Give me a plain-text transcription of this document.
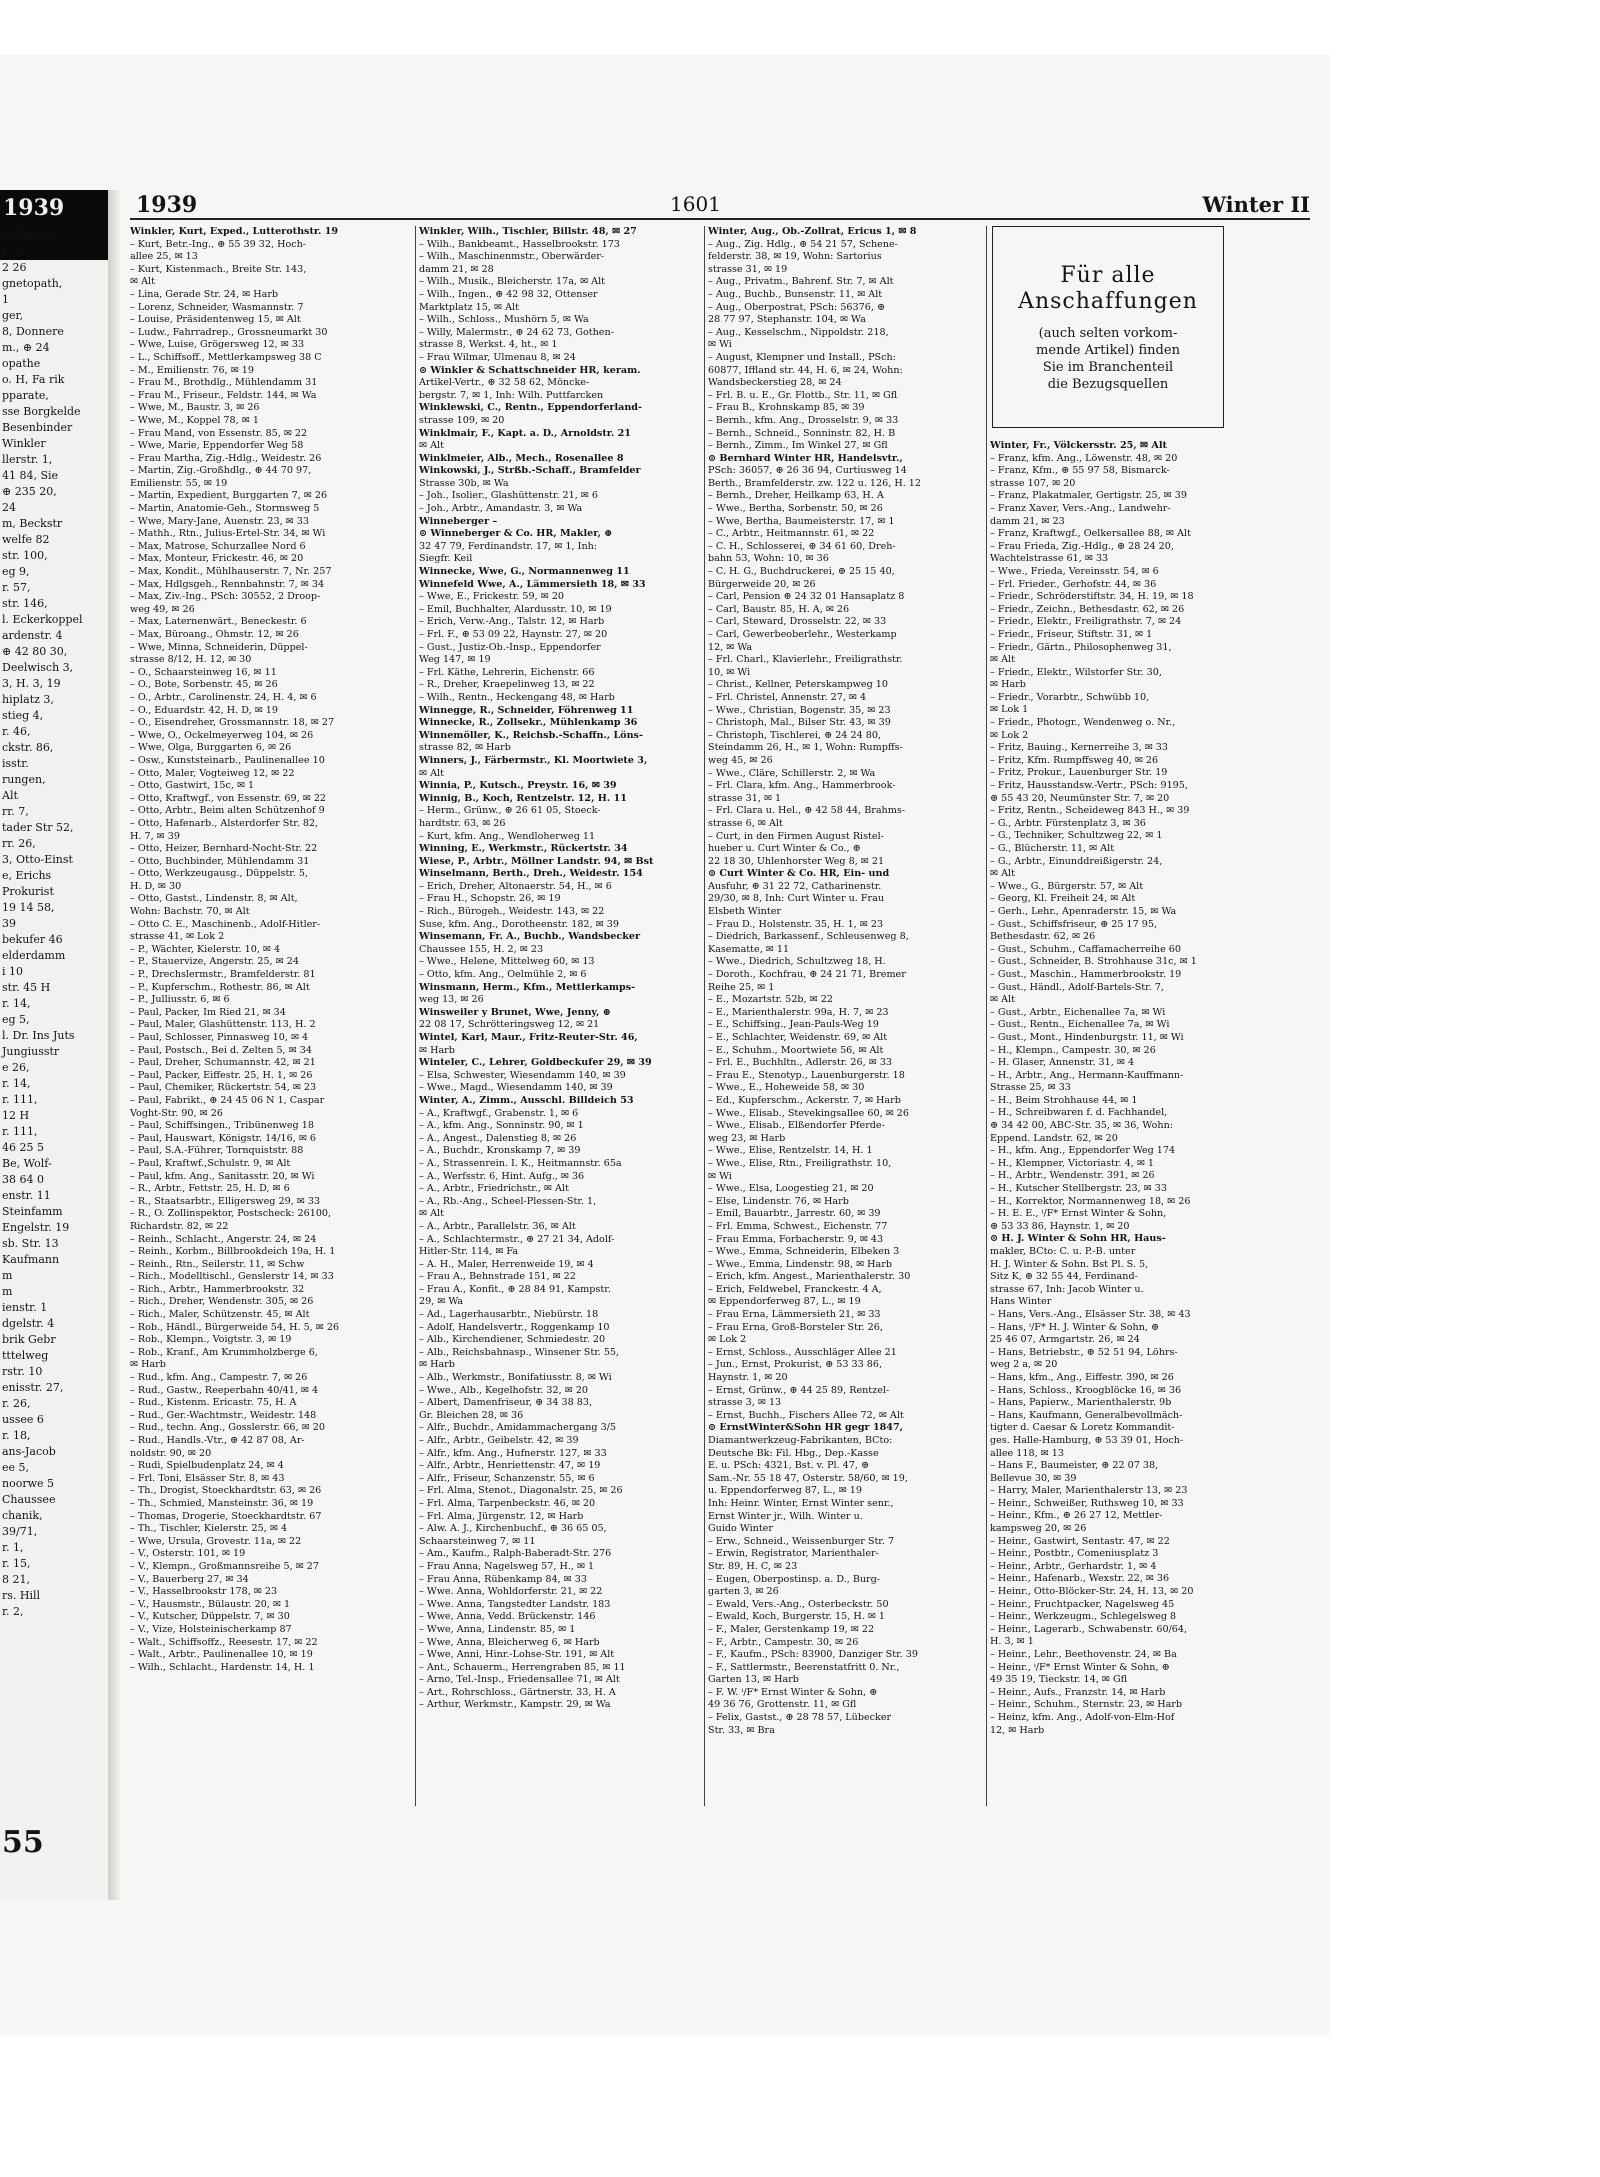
1939
etaliarbtn.
r. 5c,
2 26
gnetopath,
1
ger,
8, Donnere
m., ⊕ 24
opathe
o. H, Fa rik
pparate,
sse Borgkelde
Besenbinder
Winkler
llerstr. 1,
41 84, Sie
⊕ 235 20,
24
m, Beckstr
welfe 82
str. 100,
eg 9,
r. 57,
str. 146,
l. Eckerkoppel
ardenstr. 4
⊕ 42 80 30,
Deelwisch 3,
3, H. 3, 19
hiplatz 3,
stieg 4,
r. 46,
ckstr. 86,
isstr.
rungen,
Alt
rr. 7,
tader Str 52,
rr. 26,
3, Otto-Einst
e, Erichs
Prokurist
19 14 58,
39
bekufer 46
elderdamm
i 10
str. 45 H
r. 14,
eg 5,
l. Dr. Ins Juts
Jungiusstr
e 26,
r. 14,
r. 111,
12 H
r. 111,
46 25 5
Be, Wolf-
38 64 0
enstr. 11
Steinfamm
Engelstr. 19
sb. Str. 13
Kaufmann
m
m
ienstr. 1
dgelstr. 4
brik Gebr
tttelweg
rstr. 10
enisstr. 27,
r. 26,
ussee 6
r. 18,
ans-Jacob
ee 5,
noorwe 5
Chaussee
chanik,
39/71,
r. 1,
r. 15,
8 21,
rs. Hill
r. 2,
55
1939	1601	Winter II
Winkler, Kurt, Exped., Lutterothstr. 19
– Kurt, Betr.-Ing., ⊕ 55 39 32, Hoch-
allee 25, ✉ 13
– Kurt, Kistenmach., Breite Str. 143,
✉ Alt
– Lina, Gerade Str. 24, ✉ Harb
– Lorenz, Schneider, Wasmannstr. 7
– Louise, Präsidentenweg 15, ✉ Alt
– Ludw., Fahrradrep., Grossneumarkt 30
– Wwe, Luise, Grögersweg 12, ✉ 33
– L., Schiffsoff., Mettlerkampsweg 38 C
– M., Emilienstr. 76, ✉ 19
– Frau M., Brothdlg., Mühlendamm 31
– Frau M., Friseur., Feldstr. 144, ✉ Wa
– Wwe, M., Baustr. 3, ✉ 26
– Wwe, M., Koppel 78, ✉ 1
– Frau Mand, von Essenstr. 85, ✉ 22
– Wwe, Marie, Eppendorfer Weg 58
– Frau Martha, Zig.-Hdlg., Weidestr. 26
– Martin, Zig.-Großhdlg., ⊕ 44 70 97,
Emilienstr. 55, ✉ 19
– Martin, Expedient, Burggarten 7, ✉ 26
– Martin, Anatomie-Geh., Stormsweg 5
– Wwe, Mary-Jane, Auenstr. 23, ✉ 33
– Mathh., Rtn., Julius-Ertel-Str. 34, ✉ Wi
– Max, Matrose, Schurzallee Nord 6
– Max, Monteur, Frickestr. 46, ✉ 20
– Max, Kondit., Mühlhauserstr. 7, Nr. 257
– Max, Hdlgsgeh., Rennbahnstr. 7, ✉ 34
– Max, Ziv.-Ing., PSch: 30552, 2 Droop-
weg 49, ✉ 26
– Max, Laternenwärt., Beneckestr. 6
– Max, Büroang., Ohmstr. 12, ✉ 26
– Wwe, Minna, Schneiderin, Düppel-
strasse 8/12, H. 12, ✉ 30
– O., Schaarsteinweg 16, ✉ 11
– O., Bote, Sorbenstr. 45, ✉ 26
– O., Arbtr., Carolinenstr. 24, H. 4, ✉ 6
– O., Eduardstr. 42, H. D, ✉ 19
– O., Eisendreher, Grossmannstr. 18, ✉ 27
– Wwe, O., Ockelmeyerweg 104, ✉ 26
– Wwe, Olga, Burggarten 6, ✉ 26
– Osw., Kunststeinarb., Paulinenallee 10
– Otto, Maler, Vogteiweg 12, ✉ 22
– Otto, Gastwirt, 15c, ✉ 1
– Otto, Kraftwgf., von Essenstr. 69, ✉ 22
– Otto, Arbtr., Beim alten Schützenhof 9
– Otto, Hafenarb., Alsterdorfer Str. 82,
H. 7, ✉ 39
– Otto, Heizer, Bernhard-Nocht-Str. 22
– Otto, Buchbinder, Mühlendamm 31
– Otto, Werkzeugausg., Düppelstr. 5,
H. D, ✉ 30
– Otto, Gastst., Lindenstr. 8, ✉ Alt,
Wohn: Bachstr. 70, ✉ Alt
– Otto C. E., Maschinenb., Adolf-Hitler-
strasse 41, ✉ Lok 2
– P., Wächter, Kielerstr. 10, ✉ 4
– P., Stauervize, Angerstr. 25, ✉ 24
– P., Drechslermstr., Bramfelderstr. 81
– P., Kupferschm., Rothestr. 86, ✉ Alt
– P., Julliusstr. 6, ✉ 6
– Paul, Packer, Im Ried 21, ✉ 34
– Paul, Maler, Glashüttenstr. 113, H. 2
– Paul, Schlosser, Pinnasweg 10, ✉ 4
– Paul, Postsch., Bei d. Zelten 5, ✉ 34
– Paul, Dreher, Schumannstr. 42, ✉ 21
– Paul, Packer, Eiffestr. 25, H. 1, ✉ 26
– Paul, Chemiker, Rückertstr. 54, ✉ 23
– Paul, Fabrikt., ⊕ 24 45 06 N 1, Caspar
Voght-Str. 90, ✉ 26
– Paul, Schiffsingen., Tribünenweg 18
– Paul, Hauswart, Königstr. 14/16, ✉ 6
– Paul, S.A.-Führer, Tornquiststr. 88
– Paul, Kraftwf.,Schulstr. 9, ✉ Alt
– Paul, kfm. Ang., Sanitasstr. 20, ✉ Wi
– R., Arbtr., Fettstr. 25, H. D, ✉ 6
– R., Staatsarbtr., Elligersweg 29, ✉ 33
– R., O. Zollinspektor, Postscheck: 26100,
Richardstr. 82, ✉ 22
– Reinh., Schlacht., Angerstr. 24, ✉ 24
– Reinh., Korbm., Billbrookdeich 19a, H. 1
– Reinh., Rtn., Seilerstr. 11, ✉ Schw
– Rich., Modelltischl., Genslerstr 14, ✉ 33
– Rich., Arbtr., Hammerbrookstr. 32
– Rich., Dreher, Wendenstr. 305, ✉ 26
– Rich., Maler, Schützenstr. 45, ✉ Alt
– Rob., Händl., Bürgerweide 54, H. 5, ✉ 26
– Rob., Klempn., Voigtstr. 3, ✉ 19
– Rob., Kranf., Am Krummholzberge 6,
✉ Harb
– Rud., kfm. Ang., Campestr. 7, ✉ 26
– Rud., Gastw., Reeperbahn 40/41, ✉ 4
– Rud., Kistenm. Ericastr. 75, H. A
– Rud., Ger.-Wachtmstr., Weidestr. 148
– Rud., techn. Ang., Gosslerstr. 66, ✉ 20
– Rud., Handls.-Vtr., ⊕ 42 87 08, Ar-
noldstr. 90, ✉ 20
– Rudi, Spielbudenplatz 24, ✉ 4
– Frl. Toni, Elsässer Str. 8, ✉ 43
– Th., Drogist, Stoeckhardtstr. 63, ✉ 26
– Th., Schmied, Mansteinstr. 36, ✉ 19
– Thomas, Drogerie, Stoeckhardtstr. 67
– Th., Tischler, Kielerstr. 25, ✉ 4
– Wwe, Ursula, Grovestr. 11a, ✉ 22
– V., Osterstr. 101, ✉ 19
– V., Klempn., Großmannsreihe 5, ✉ 27
– V., Bauerberg 27, ✉ 34
– V., Hasselbrookstr 178, ✉ 23
– V., Hausmstr., Bülaustr. 20, ✉ 1
– V., Kutscher, Düppelstr. 7, ✉ 30
– V., Vize, Holsteinischerkamp 87
– Walt., Schiffsoffz., Reesestr. 17, ✉ 22
– Walt., Arbtr., Paulinenallee 10, ✉ 19
– Wilh., Schlacht., Hardenstr. 14, H. 1
Winkler, Wilh., Tischler, Billstr. 48, ✉ 27
– Wilh., Bankbeamt., Hasselbrookstr. 173
– Wilh., Maschinenmstr., Oberwärder-
damm 21, ✉ 28
– Wilh., Musik., Bleicherstr. 17a, ✉ Alt
– Wilh., Ingen., ⊕ 42 98 32, Ottenser
Marktplatz 15, ✉ Alt
– Wilh., Schloss., Mushörn 5, ✉ Wa
– Willy, Malermstr., ⊕ 24 62 73, Gothen-
strasse 8, Werkst. 4, ht., ✉ 1
– Frau Wilmar, Ulmenau 8, ✉ 24
⊙ Winkler & Schattschneider HR, keram.
Artikel-Vertr., ⊕ 32 58 62, Mönckе-
bergstr. 7, ✉ 1, Inh: Wilh. Puttfarcken
Winklewski, C., Rentn., Eppendorferland-
strasse 109, ✉ 20
Winklmair, F., Kapt. a. D., Arnoldstr. 21
✉ Alt
Winklmeier, Alb., Mech., Rosenallee 8
Winkowski, J., Strßb.-Schaff., Bramfelder
Strasse 30b, ✉ Wa
– Joh., Isolier., Glashüttenstr. 21, ✉ 6
– Joh., Arbtr., Amandastr. 3, ✉ Wa
Winneberger –
⊙ Winneberger & Co. HR, Makler, ⊕
32 47 79, Ferdinandstr. 17, ✉ 1, Inh:
Siegfr. Keil
Winnecke, Wwe, G., Normannenweg 11
Winnefeld Wwe, A., Lämmersieth 18, ✉ 33
– Wwe, E., Frickestr. 59, ✉ 20
– Emil, Buchhalter, Alardusstr. 10, ✉ 19
– Erich, Verw.-Ang., Talstr. 12, ✉ Harb
– Frl. F., ⊕ 53 09 22, Haynstr. 27, ✉ 20
– Gust., Justiz-Ob.-Insp., Eppendorfer
Weg 147, ✉ 19
– Frl. Käthe, Lehrerin, Eichenstr. 66
– R., Dreher, Kraepelinweg 13, ✉ 22
– Wilh., Rentn., Heckengang 48, ✉ Harb
Winnegge, R., Schneider, Föhrenweg 11
Winnecke, R., Zollsekr., Mühlenkamp 36
Winnemöller, K., Reichsb.-Schaffn., Löns-
strasse 82, ✉ Harb
Winners, J., Färbermstr., Kl. Moortwiete 3,
✉ Alt
Winnia, P., Kutsch., Preystr. 16, ✉ 39
Winnig, B., Koch, Rentzelstr. 12, H. 11
– Herm., Grünw., ⊕ 26 61 05, Stoeck-
hardtstr. 63, ✉ 26
– Kurt, kfm. Ang., Wendloherweg 11
Winning, E., Werkmstr., Rückertstr. 34
Wiese, P., Arbtr., Möllner Landstr. 94, ✉ Bst
Winselmann, Berth., Dreh., Weidestr. 154
– Erich, Dreher, Altonaerstr. 54, H., ✉ 6
– Frau H., Schopstr. 26, ✉ 19
– Rich., Bürogeh., Weidestr. 143, ✉ 22
Suse, kfm. Ang., Dorotheenstr. 182, ✉ 39
Winsemann, Fr. A., Buchb., Wandsbecker
Chaussee 155, H. 2, ✉ 23
– Wwe., Helene, Mittelweg 60, ✉ 13
– Otto, kfm. Ang., Oelmühle 2, ✉ 6
Winsmann, Herm., Kfm., Mettlerkamps-
weg 13, ✉ 26
Winsweiler y Brunet, Wwe, Jenny, ⊕
22 08 17, Schrötteringsweg 12, ✉ 21
Wintel, Karl, Maur., Fritz-Reuter-Str. 46,
✉ Harb
Winteler, C., Lehrer, Goldbeckufer 29, ✉ 39
– Elsa, Schwester, Wiesendamm 140, ✉ 39
– Wwe., Magd., Wiesendamm 140, ✉ 39
Winter, A., Zimm., Ausschl. Billdeich 53
– A., Kraftwgf., Grabenstr. 1, ✉ 6
– A., kfm. Ang., Sonninstr. 90, ✉ 1
– A., Angest., Dalenstieg 8, ✉ 26
– A., Buchdr., Kronskamp 7, ✉ 39
– A., Strassenrein. I. K., Heitmannstr. 65a
– A., Werfsstr. 6, Hint. Aufg., ✉ 36
– A., Arbtr., Friedrichstr., ✉ Alt
– A., Rb.-Ang., Scheel-Plessen-Str. 1,
✉ Alt
– A., Arbtr., Parallelstr. 36, ✉ Alt
– A., Schlachtermstr., ⊕ 27 21 34, Adolf-
Hitler-Str. 114, ✉ Fa
– A. H., Maler, Herrenweide 19, ✉ 4
– Frau A., Behnstrade 151, ✉ 22
– Frau A., Konfit., ⊕ 28 84 91, Kampstr.
29, ✉ Wa
– Ad., Lagerhausarbtr., Niebürstr. 18
– Adolf, Handelsvertr., Roggenkamp 10
– Alb., Kirchendiener, Schmiedestr. 20
– Alb., Reichsbahnasp., Winsener Str. 55,
✉ Harb
– Alb., Werkmstr., Bonifatiusstr. 8, ✉ Wi
– Wwe., Alb., Kegelhofstr. 32, ✉ 20
– Albert, Damenfriseur, ⊕ 34 38 83,
Gr. Bleichen 28, ✉ 36
– Alfr., Buchdr., Amidammachergang 3/5
– Alfr., Arbtr., Geibelstr. 42, ✉ 39
– Alfr., kfm. Ang., Hufnerstr. 127, ✉ 33
– Alfr., Arbtr., Henriettenstr. 47, ✉ 19
– Alfr., Friseur, Schanzenstr. 55, ✉ 6
– Frl. Alma, Stenot., Diagonalstr. 25, ✉ 26
– Frl. Alma, Tarpenbeckstr. 46, ✉ 20
– Frl. Alma, Jürgenstr. 12, ✉ Harb
– Alw. A. J., Kirchenbuchf., ⊕ 36 65 05,
Schaarsteinweg 7, ✉ 11
– Am., Kaufm., Ralph-Baberadt-Str. 276
– Frau Anna, Nagelsweg 57, H., ✉ 1
– Frau Anna, Rübenkamp 84, ✉ 33
– Wwe. Anna, Wohldorferstr. 21, ✉ 22
– Wwe. Anna, Tangstedter Landstr. 183
– Wwe, Anna, Vedd. Brückenstr. 146
– Wwe, Anna, Lindenstr. 85, ✉ 1
– Wwe, Anna, Bleicherweg 6, ✉ Harb
– Wwe, Anni, Hinr.-Lohse-Str. 191, ✉ Alt
– Ant., Schauerm., Herrengraben 85, ✉ 11
– Arno, Tel.-Insp., Friedensallee 71, ✉ Alt
– Art., Rohrschloss., Gärtnerstr. 33, H. A
– Arthur, Werkmstr., Kampstr. 29, ✉ Wa
Winter, Aug., Ob.-Zollrat, Ericus 1, ✉ 8
– Aug., Zig. Hdlg., ⊕ 54 21 57, Schene-
felderstr. 38, ✉ 19, Wohn: Sartorius
strasse 31, ✉ 19
– Aug., Privatm., Bahrenf. Str. 7, ✉ Alt
– Aug., Buchb., Bunsenstr. 11, ✉ Alt
– Aug., Oberpostrat, PSch: 56376, ⊕
28 77 97, Stephanstr. 104, ✉ Wa
– Aug., Kesselschm., Nippoldstr. 218,
✉ Wi
– August, Klempner und Install., PSch:
60877, Iffland str. 44, H. 6, ✉ 24, Wohn:
Wandsbeckerstieg 28, ✉ 24
– Frl. B. u. E., Gr. Flottb., Str. 11, ✉ Gfl
– Frau B., Krohnskamp 85, ✉ 39
– Bernh., kfm. Ang., Drosselstr. 9, ✉ 33
– Bernh., Schneid., Sonninstr. 82, H. B
– Bernh., Zimm., Im Winkel 27, ✉ Gfl
⊙ Bernhard Winter HR, Handelsvtr.,
PSch: 36057, ⊕ 26 36 94, Curtiusweg 14
Berth., Bramfelderstr. zw. 122 u. 126, H. 12
– Bernh., Dreher, Heilkamp 63, H. A
– Wwe., Bertha, Sorbenstr. 50, ✉ 26
– Wwe, Bertha, Baumeisterstr. 17, ✉ 1
– C., Arbtr., Heitmannstr. 61, ✉ 22
– C. H., Schlosserei, ⊕ 34 61 60, Dreh-
bahn 53, Wohn: 10, ✉ 36
– C. H. G., Buchdruckerei, ⊕ 25 15 40,
Bürgerweide 20, ✉ 26
– Carl, Pension ⊕ 24 32 01 Hansaplatz 8
– Carl, Baustr. 85, H. A, ✉ 26
– Carl, Steward, Drosselstr. 22, ✉ 33
– Carl, Gewerbeoberlehr., Westerkamp
12, ✉ Wa
– Frl. Charl., Klavierlehr., Freiligrathstr.
10, ✉ Wi
– Christ., Kellner, Peterskampweg 10
– Frl. Christel, Annenstr. 27, ✉ 4
– Wwe., Christian, Bogenstr. 35, ✉ 23
– Christoph, Mal., Bilser Str. 43, ✉ 39
– Christoph, Tischlerei, ⊕ 24 24 80,
Steindamm 26, H., ✉ 1, Wohn: Rumpffs-
weg 45, ✉ 26
– Wwe., Cläre, Schillerstr. 2, ✉ Wa
– Frl. Clara, kfm. Ang., Hammerbrook-
strasse 31, ✉ 1
– Frl. Clara u. Hel., ⊕ 42 58 44, Brahms-
strasse 6, ✉ Alt
– Curt, in den Firmen August Ristel-
hueber u. Curt Winter & Co., ⊕
22 18 30, Uhlenhorster Weg 8, ✉ 21
⊙ Curt Winter & Co. HR, Ein- und
Ausfuhr, ⊕ 31 22 72, Catharinenstr.
29/30, ✉ 8, Inh: Curt Winter u. Frau
Elsbeth Winter
– Frau D., Holstenstr. 35, H. 1, ✉ 23
– Diedrich, Barkassenf., Schleusenweg 8,
Kasematte, ✉ 11
– Wwe., Diedrich, Schultzweg 18, H.
– Doroth., Kochfrau, ⊕ 24 21 71, Bremer
Reihe 25, ✉ 1
– E., Mozartstr. 52b, ✉ 22
– E., Marienthalerstr. 99a, H. 7, ✉ 23
– E., Schiffsing., Jean-Pauls-Weg 19
– E., Schlachter, Weidenstr. 69, ✉ Alt
– E., Schuhm., Moortwiete 56, ✉ Alt
– Frl. E., Buchhltn., Adlerstr. 26, ✉ 33
– Frau E., Stenotyp., Lauenburgerstr. 18
– Wwe., E., Hoheweide 58, ✉ 30
– Ed., Kupferschm., Ackerstr. 7, ✉ Harb
– Wwe., Elisab., Stevekingsallee 60, ✉ 26
– Wwe., Elisab., Elßendorfer Pferde-
weg 23, ✉ Harb
– Wwe., Elise, Rentzelstr. 14, H. 1
– Wwe., Elise, Rtn., Freiligrathstr. 10,
✉ Wi
– Wwe., Elsa, Loogestieg 21, ✉ 20
– Else, Lindenstr. 76, ✉ Harb
– Emil, Bauarbtr., Jarrestr. 60, ✉ 39
– Frl. Emma, Schwest., Eichenstr. 77
– Frau Emma, Forbacherstr. 9, ✉ 43
– Wwe., Emma, Schneiderin, Elbeken 3
– Wwe., Emma, Lindenstr. 98, ✉ Harb
– Erich, kfm. Angest., Marienthalerstr. 30
– Erich, Feldwebel, Franckestr. 4 A,
✉ Eppendorferweg 87, L., ✉ 19
– Frau Erna, Lämmersieth 21, ✉ 33
– Frau Erna, Groß-Borsteler Str. 26,
✉ Lok 2
– Ernst, Schloss., Ausschläger Allee 21
– Jun., Ernst, Prokurist, ⊕ 53 33 86,
Haynstr. 1, ✉ 20
– Ernst, Grünw., ⊕ 44 25 89, Rentzel-
strasse 3, ✉ 13
– Ernst, Buchh., Fischers Allee 72, ✉ Alt
⊙ ErnstWinter&Sohn HR gegr 1847,
Diamantwerkzeug-Fabrikanten, BCto:
Deutsche Bk: Fil. Hbg., Dep.-Kasse
E. u. PSch: 4321, Bst. v. Pl. 47, ⊕
Sam.-Nr. 55 18 47, Osterstr. 58/60, ✉ 19,
u. Eppendorferweg 87, L., ✉ 19
Inh: Heinr. Winter, Ernst Winter senr.,
Ernst Winter jr., Wilh. Winter u.
Guido Winter
– Erw., Schneid., Weissenburger Str. 7
– Erwin, Registrator, Marienthaler-
Str. 89, H. C, ✉ 23
– Eugen, Oberpostinsp. a. D., Burg-
garten 3, ✉ 26
– Ewald, Vers.-Ang., Osterbeckstr. 50
– Ewald, Koch, Burgerstr. 15, H. ✉ 1
– F., Maler, Gerstenkamp 19, ✉ 22
– F., Arbtr., Campestr. 30, ✉ 26
– F., Kaufm., PSch: 83900, Danziger Str. 39
– F., Sattlermstr., Beerenstatfritt 0. Nr.,
Garten 13, ✉ Harb
– F. W. ⁱ/F* Ernst Winter & Sohn, ⊕
49 36 76, Grottenstr. 11, ✉ Gfl
– Felix, Gastst., ⊕ 28 78 57, Lübecker
Str. 33, ✉ Bra
Für alle
Anschaffungen
(auch selten vorkom-
mende Artikel) finden
Sie im Branchenteil
die Bezugsquellen
Winter, Fr., Völckersstr. 25, ✉ Alt
– Franz, kfm. Ang., Löwenstr. 48, ✉ 20
– Franz, Kfm., ⊕ 55 97 58, Bismarck-
strasse 107, ✉ 20
– Franz, Plakatmaler, Gertigstr. 25, ✉ 39
– Franz Xaver, Vers.-Ang., Landwehr-
damm 21, ✉ 23
– Franz, Kraftwgf., Oelkersallee 88, ✉ Alt
– Frau Frieda, Zig.-Hdlg., ⊕ 28 24 20,
Wachtelstrasse 61, ✉ 33
– Wwe., Frieda, Vereinsstr. 54, ✉ 6
– Frl. Frieder., Gerhofstr. 44, ✉ 36
– Friedr., Schröderstiftstr. 34, H. 19, ✉ 18
– Friedr., Zeichn., Bethesdastr. 62, ✉ 26
– Friedr., Elektr., Freiligrathstr. 7, ✉ 24
– Friedr., Friseur, Stiftstr. 31, ✉ 1
– Friedr., Gärtn., Philosophenweg 31,
✉ Alt
– Friedr., Elektr., Wilstorfer Str. 30,
✉ Harb
– Friedr., Vorarbtr., Schwübb 10,
✉ Lok 1
– Friedr., Photogr., Wendenweg o. Nr.,
✉ Lok 2
– Fritz, Bauing., Kernerreihe 3, ✉ 33
– Fritz, Kfm. Rumpffsweg 40, ✉ 26
– Fritz, Prokur., Lauenburger Str. 19
– Fritz, Hausstandsw.-Vertr., PSch: 9195,
⊕ 55 43 20, Neumünster Str. 7, ✉ 20
– Fritz, Rentn., Scheideweg 843 H., ✉ 39
– G., Arbtr. Fürstenplatz 3, ✉ 36
– G., Techniker, Schultzweg 22, ✉ 1
– G., Blücherstr. 11, ✉ Alt
– G., Arbtr., Einunddreißigerstr. 24,
✉ Alt
– Wwe., G., Bürgerstr. 57, ✉ Alt
– Georg, Kl. Freiheit 24, ✉ Alt
– Gerh., Lehr., Apenraderstr. 15, ✉ Wa
– Gust., Schiffsfriseur, ⊕ 25 17 95,
Bethesdastr. 62, ✉ 26
– Gust., Schuhm., Caffamacherreihe 60
– Gust., Schneider, B. Strohhause 31c, ✉ 1
– Gust., Maschin., Hammerbrookstr. 19
– Gust., Händl., Adolf-Bartels-Str. 7,
✉ Alt
– Gust., Arbtr., Eichenallee 7a, ✉ Wi
– Gust., Rentn., Eichenallee 7a, ✉ Wi
– Gust., Mont., Hindenburgstr. 11, ✉ Wi
– H., Klempn., Campestr. 30, ✉ 26
– H. Glaser, Annenstr. 31, ✉ 4
– H., Arbtr., Ang., Hermann-Kauffmann-
Strasse 25, ✉ 33
– H., Beim Strohhause 44, ✉ 1
– H., Schreibwaren f. d. Fachhandel,
⊕ 34 42 00, ABC-Str. 35, ✉ 36, Wohn:
Eppend. Landstr. 62, ✉ 20
– H., kfm. Ang., Eppendorfer Weg 174
– H., Klempner, Victoriastr. 4, ✉ 1
– H., Arbtr., Wendenstr. 391, ✉ 26
– H., Kutscher Stellbergstr. 23, ✉ 33
– H., Korrektor, Normannenweg 18, ✉ 26
– H. E. E., ⁱ/F* Ernst Winter & Sohn,
⊕ 53 33 86, Haynstr. 1, ✉ 20
⊙ H. J. Winter & Sohn HR, Haus-
makler, BCto: C. u. P.-B. unter
H. J. Winter & Sohn. Bst Pl. S. 5,
Sitz K, ⊕ 32 55 44, Ferdinand-
strasse 67, Inh: Jacob Winter u.
Hans Winter
– Hans, Vers.-Ang., Elsässer Str. 38, ✉ 43
– Hans, ⁱ/F* H. J. Winter & Sohn, ⊕
25 46 07, Armgartstr. 26, ✉ 24
– Hans, Betriebstr., ⊕ 52 51 94, Löhrs-
weg 2 a, ✉ 20
– Hans, kfm., Ang., Eiffestr. 390, ✉ 26
– Hans, Schloss., Kroogblöcke 16, ✉ 36
– Hans, Papierw., Marienthalerstr. 9b
– Hans, Kaufmann, Generalbevollmäch-
tigter d. Caesar & Loretz Kommandit-
ges. Halle-Hamburg, ⊕ 53 39 01, Hoch-
allee 118, ✉ 13
– Hans F., Baumeister, ⊕ 22 07 38,
Bellevue 30, ✉ 39
– Harry, Maler, Marienthalerstr 13, ✉ 23
– Heinr., Schweißer, Ruthsweg 10, ✉ 33
– Heinr., Kfm., ⊕ 26 27 12, Mettler-
kampsweg 20, ✉ 26
– Heinr., Gastwirt, Sentastr. 47, ✉ 22
– Heinr., Postbtr., Comeniusplatz 3
– Heinr., Arbtr., Gerhardstr. 1, ✉ 4
– Heinr., Hafenarb., Wexstr. 22, ✉ 36
– Heinr., Otto-Blöcker-Str. 24, H. 13, ✉ 20
– Heinr., Fruchtpacker, Nagelsweg 45
– Heinr., Werkzeugm., Schlegelsweg 8
– Heinr., Lagerarb., Schwabenstr. 60/64,
H. 3, ✉ 1
– Heinr., Lehr., Beethovenstr. 24, ✉ Ba
– Heinr., ⁱ/F* Ernst Winter & Sohn, ⊕
49 35 19, Tieckstr. 14, ✉ Gfl
– Heinr., Aufs., Franzstr. 14, ✉ Harb
– Heinr., Schuhm., Sternstr. 23, ✉ Harb
– Heinz, kfm. Ang., Adolf-von-Elm-Hof
12, ✉ Harb
